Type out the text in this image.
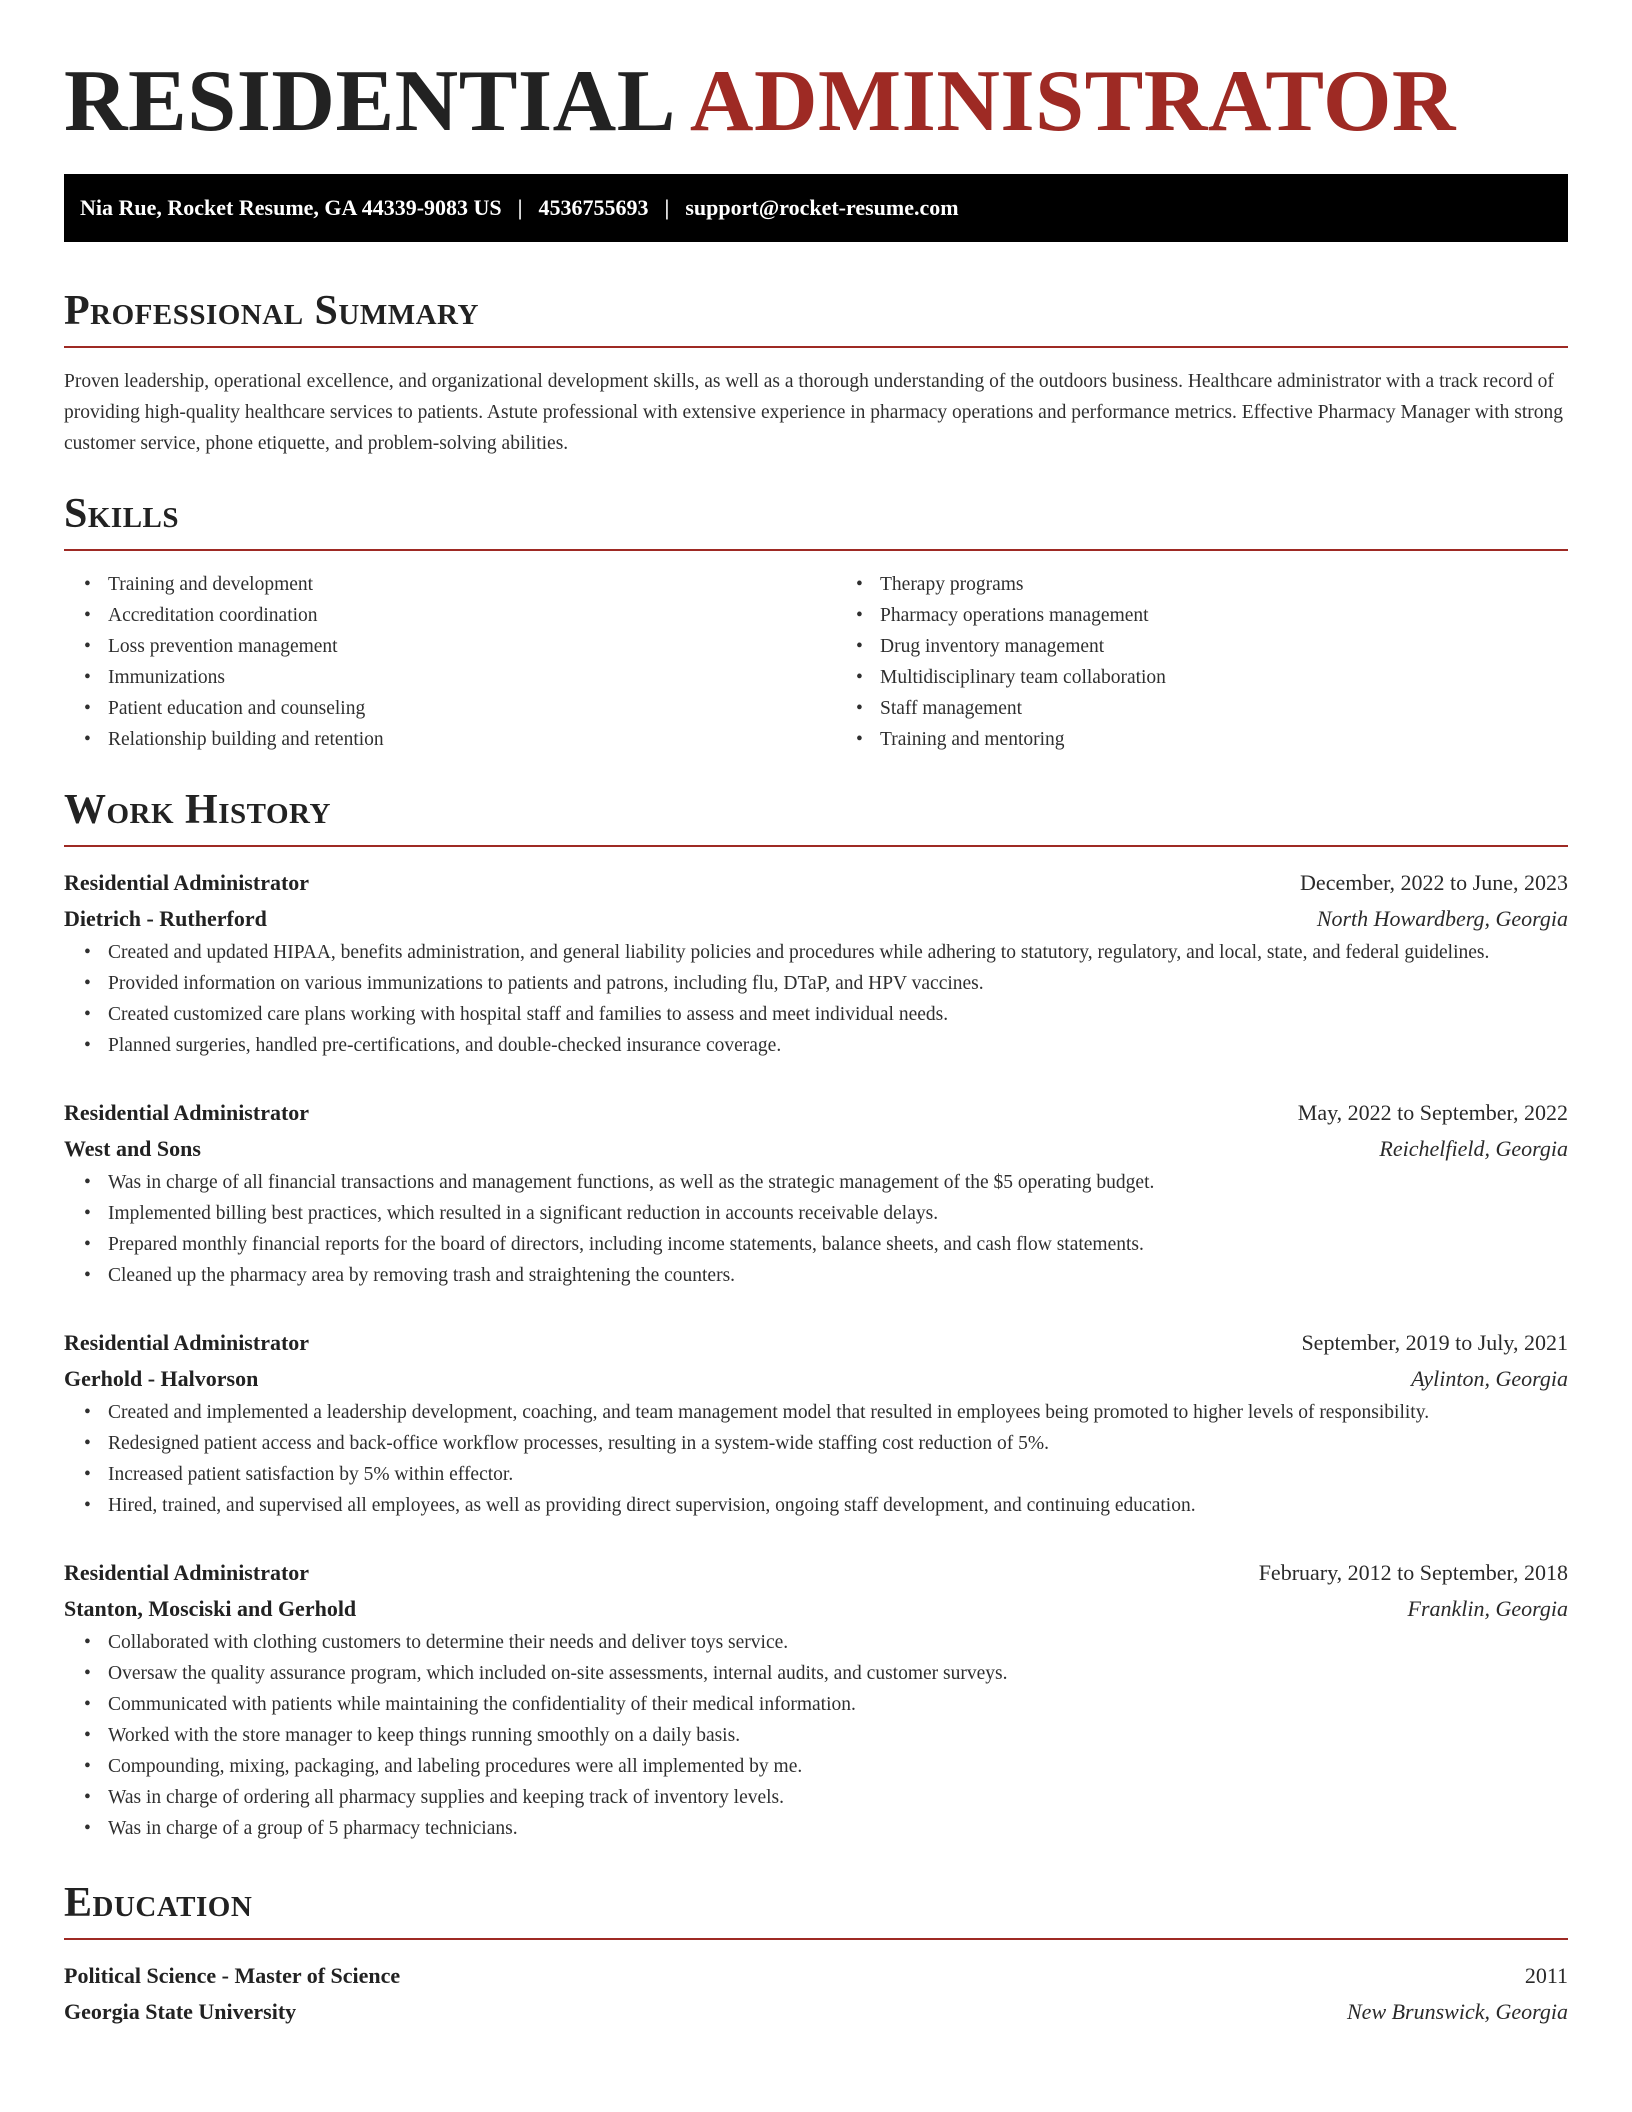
RESIDENTIAL ADMINISTRATOR
Nia Rue, Rocket Resume, GA 44339-9083 US | 4536755693 | support@rocket-resume.com
Professional Summary

Proven leadership, operational excellence, and organizational development skills, as well as a thorough understanding of the outdoors business. Healthcare administrator with a track record of providing high-quality healthcare services to patients. Astute professional with extensive experience in pharmacy operations and performance metrics. Effective Pharmacy Manager with strong customer service, phone etiquette, and problem-solving abilities.

Skills
• Training and development
• Accreditation coordination
• Loss prevention management
• Immunizations
• Patient education and counseling
• Relationship building and retention
• Therapy programs
• Pharmacy operations management
• Drug inventory management
• Multidisciplinary team collaboration
• Staff management
• Training and mentoring
Work History
Residential Administrator	December, 2022 to June, 2023
Dietrich - Rutherford	North Howardberg, Georgia
• Created and updated HIPAA, benefits administration, and general liability policies and procedures while adhering to statutory, regulatory, and local, state, and federal guidelines.
• Provided information on various immunizations to patients and patrons, including flu, DTaP, and HPV vaccines.
• Created customized care plans working with hospital staff and families to assess and meet individual needs.
• Planned surgeries, handled pre-certifications, and double-checked insurance coverage.
Residential Administrator	May, 2022 to September, 2022
West and Sons	Reichelfield, Georgia
• Was in charge of all financial transactions and management functions, as well as the strategic management of the $5 operating budget.
• Implemented billing best practices, which resulted in a significant reduction in accounts receivable delays.
• Prepared monthly financial reports for the board of directors, including income statements, balance sheets, and cash flow statements.
• Cleaned up the pharmacy area by removing trash and straightening the counters.
Residential Administrator	September, 2019 to July, 2021
Gerhold - Halvorson	Aylinton, Georgia
• Created and implemented a leadership development, coaching, and team management model that resulted in employees being promoted to higher levels of responsibility.
• Redesigned patient access and back-office workflow processes, resulting in a system-wide staffing cost reduction of 5%.
• Increased patient satisfaction by 5% within effector.
• Hired, trained, and supervised all employees, as well as providing direct supervision, ongoing staff development, and continuing education.
Residential Administrator	February, 2012 to September, 2018
Stanton, Mosciski and Gerhold	Franklin, Georgia
• Collaborated with clothing customers to determine their needs and deliver toys service.
• Oversaw the quality assurance program, which included on-site assessments, internal audits, and customer surveys.
• Communicated with patients while maintaining the confidentiality of their medical information.
• Worked with the store manager to keep things running smoothly on a daily basis.
• Compounding, mixing, packaging, and labeling procedures were all implemented by me.
• Was in charge of ordering all pharmacy supplies and keeping track of inventory levels.
• Was in charge of a group of 5 pharmacy technicians.
Education
Political Science - Master of Science	2011
Georgia State University	New Brunswick, Georgia
